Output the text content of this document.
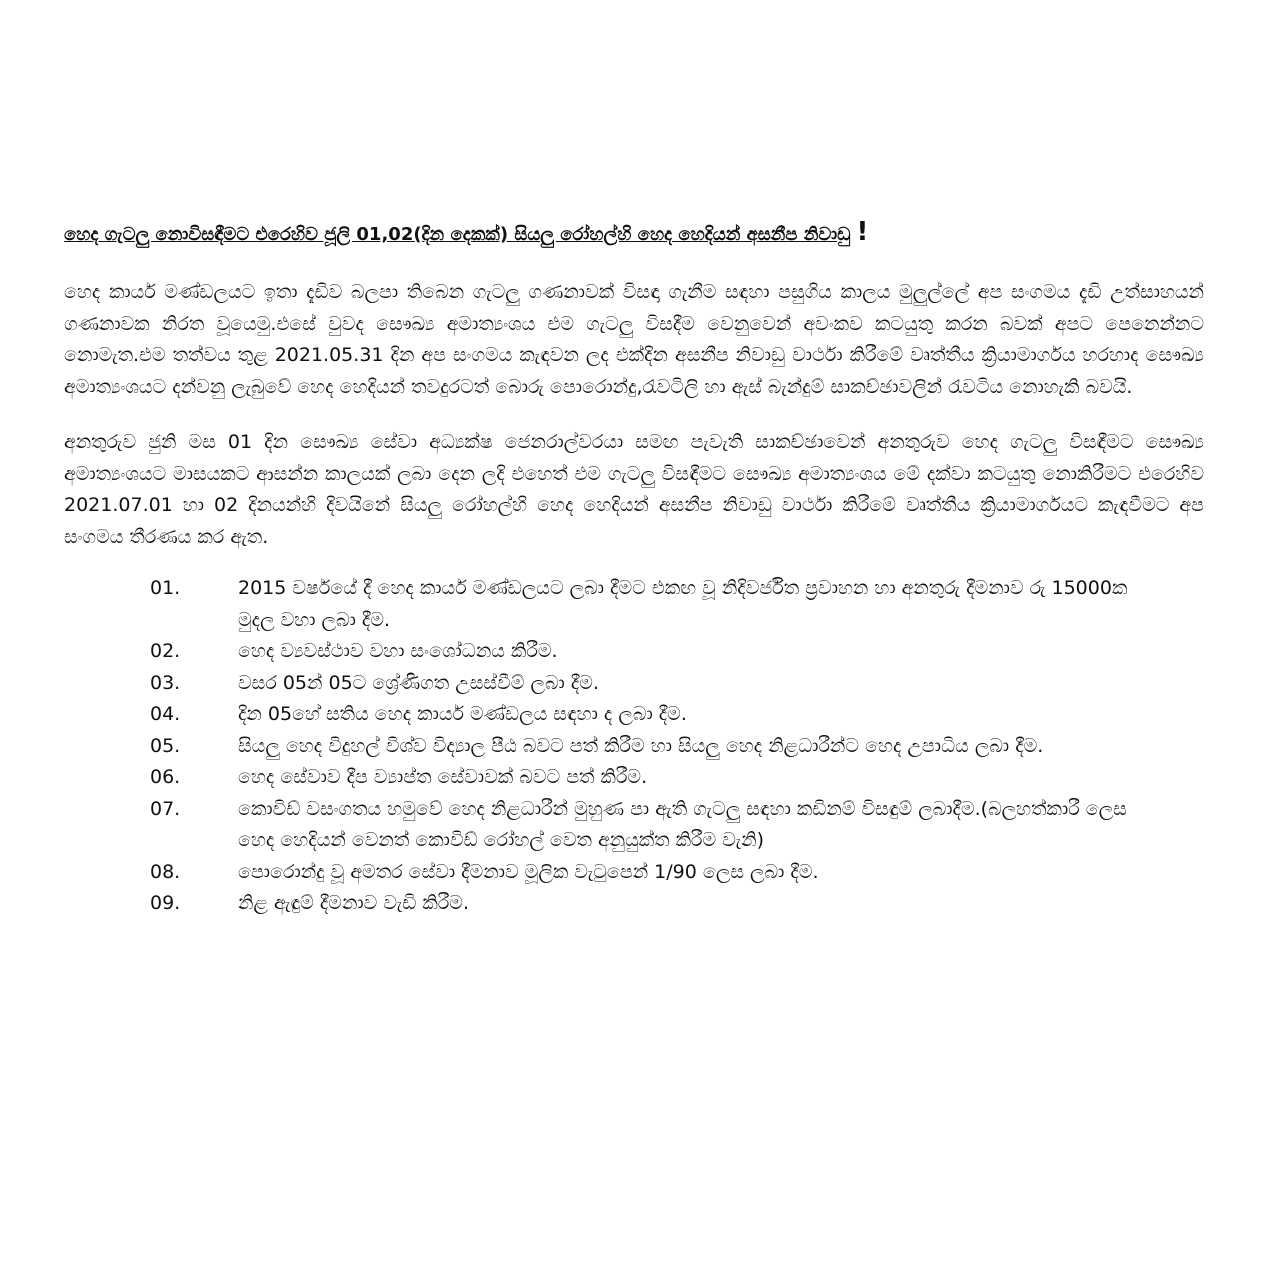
හෙද ගැටලු නොවිසඳීමට එරෙහිව ජූලි 01,02(දින දෙකක්) සියලු රෝහල්හි හෙද හෙදියන් අසනීප නිවාඩු !

හෙද කාර්ය මණ්ඩලයට ඉතා දැඩිව බලපා තිබෙන ගැටලු ගණනාවක් විසඳා ගැනීම සඳහා පසුගිය කාලය මුලුල්ලේ අප සංගමය දැඩි උත්සාහයන් ගණනාවක නිරත වූයෙමු.එසේ වුවද සෞඛ්‍ය අමාත්‍යංශය එම ගැටලු විසදීම වෙනුවෙන් අවංකව කටයුතු කරන බවක් අපට පෙනෙන්නට නොමැත.එම තත්වය තුළ 2021.05.31 දින අප සංගමය කැඳවන ලද එක්දින අසනීප නිවාඩු වාර්ථා කිරීමේ වෘත්තීය ක්‍රියාමාර්ගය හරහාද සෞඛ්‍ය අමාත්‍යංශයට දන්වනු ලැබුවේ හෙද හෙදියන් තවදුරටත් බොරු පොරොන්දු,රැවටිලි හා ඇස් බැන්දුම් සාකච්ඡාවලින් රැවටිය නොහැකි බවයි.

අනතුරුව ජුනි මස 01 දින සෞඛ්‍ය සේවා අධ්‍යක්ෂ ජෙනරාල්වරයා සමඟ පැවැති සාකච්ඡාවෙන් අනතුරුව හෙද ගැටලු විසඳීමට සෞඛ්‍ය අමාත්‍යංශයට මාසයකට ආසන්න කාලයක් ලබා දෙන ලදි එහෙත් එම ගැටලු විසඳීමට සෞඛ්‍ය අමාත්‍යංශය මේ දක්වා කටයුතු නොකිරීමට එරෙහිව 2021.07.01 හා 02 දිනයන්හි දිවයිනේ සියලු රෝහල්හි හෙද හෙදියන් අසනීප නිවාඩු වාර්ථා කිරීමේ වෘත්තීය ක්‍රියාමාර්ගයට කැඳවීමට අප සංගමය තීරණය කර ඇත.

01.	2015 වර්ෂයේ දී හෙද කාර්ය මණ්ඩලයට ලබා දීමට එකඟ වූ නිදිවර්ජිත ප්‍රවාහන හා අනතුරු දීමනාව රු 15000ක මුදල වහා ලබා දීම.
02.	හෙද ව්‍යවස්ථාව වහා සංශෝධනය කිරීම.
03.	වසර 05න් 05ට ශ්‍රේණිගත උසස්වීම් ලබා දීම.
04.	දින 05හේ සතිය හෙද කාර්ය මණ්ඩලය සඳහා ද ලබා දීම.
05.	සියලු හෙද විදුහල් විශ්ව විද්‍යාල පීඨ බවට පත් කිරීම හා සියලු හෙද නිළධාරීන්ට හෙද උපාධිය ලබා දීම.
06.	හෙද සේවාව දීප ව්‍යාප්ත සේවාවක් බවට පත් කිරීම.
07.	කොවිඩ් වසංගතය හමුවේ හෙද නිළධාරීන් මුහුණ පා ඇති ගැටලු සඳහා කඩිනම් විසඳුම් ලබාදීම.(බලහත්කාරී ලෙස හෙද හෙදියන් වෙනත් කොවිඩ් රෝහල් වෙත අනුයුක්ත කිරීම වැනි)
08.	පොරොන්දු වූ අමතර සේවා දීමනාව මූලික වැටුපෙන් 1/90 ලෙස ලබා දීම.
09.	නිළ ඇඳුම් දීමනාව වැඩි කිරීම.
